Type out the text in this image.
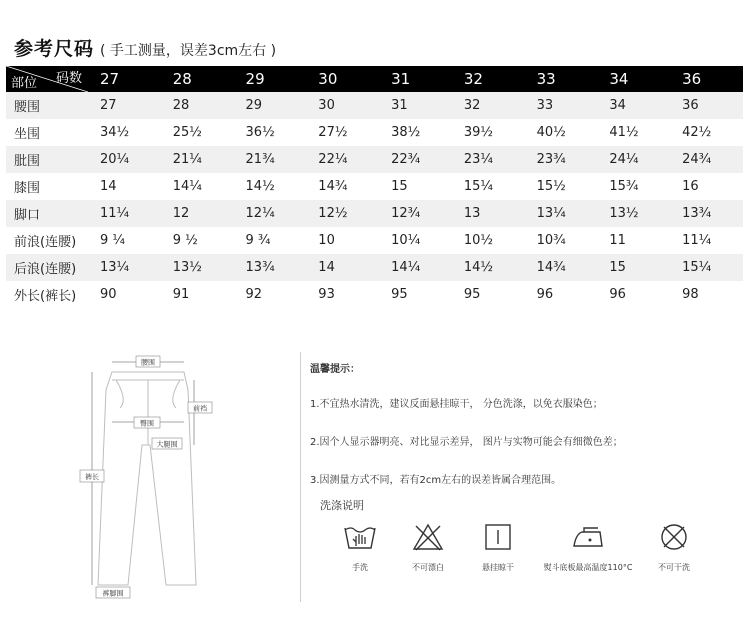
参考尺码 ( 手工测量，误差3cm左右 )
码数
部位	27	28	29	30	31	32	33	34	36
腰围	27	28	29	30	31	32	33	34	36
坐围	34½	25½	36½	27½	38½	39½	40½	41½	42½
肶围	20¼	21¼	21¾	22¼	22¾	23¼	23¾	24¼	24¾
膝围	14	14¼	14½	14¾	15	15¼	15½	15¾	16
脚口	11¼	12	12¼	12½	12¾	13	13¼	13½	13¾
前浪(连腰)	9 ¼	9 ½	9 ¾	10	10¼	10½	10¾	11	11¼
后浪(连腰)	13¼	13½	13¾	14	14¼	14½	14¾	15	15¼
外长(裤长)	90	91	92	93	95	95	96	96	98
腰围
前裆
臀围
大腿围
裤长
裤脚围
温馨提示：
1.不宜热水清洗，建议反面悬挂晾干， 分色洗涤，以免衣服染色；
2.因个人显示器明亮、对比显示差异， 图片与实物可能会有细微色差；
3.因测量方式不同，若有2cm左右的误差皆属合理范围。
洗涤说明
手洗	不可漂白	悬挂晾干	熨斗底板最高温度110°C	不可干洗
